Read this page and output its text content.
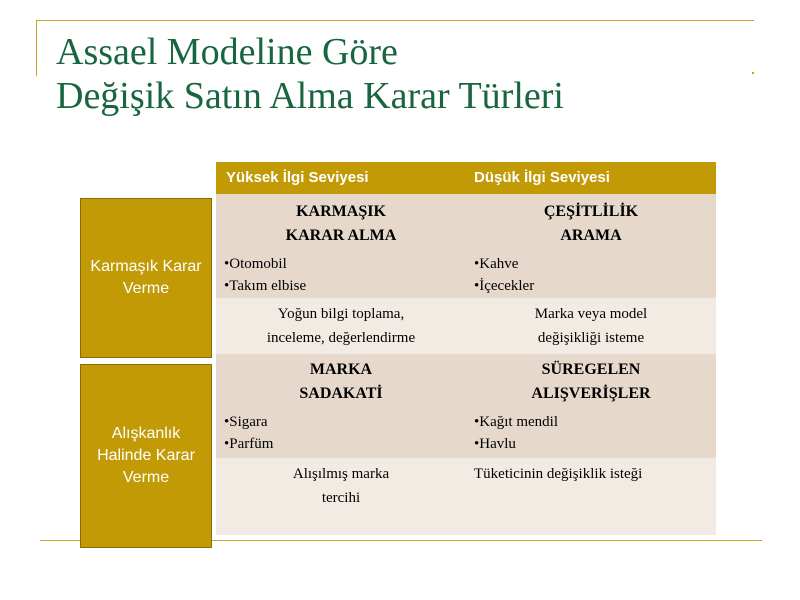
Assael Modeline Göre
Değişik Satın Alma Karar Türleri
Karmaşık Karar Verme
Alışkanlık Halinde Karar Verme
Yüksek İlgi Seviyesi	Düşük İlgi Seviyesi
KARMAŞIK
KARAR ALMA
•Otomobil
•Takım elbise
Yoğun bilgi toplama,
inceleme, değerlendirme
ÇEŞİTLİLİK
ARAMA
•Kahve
•İçecekler
Marka veya model
değişikliği isteme
MARKA
SADAKATİ
•Sigara
•Parfüm
Alışılmış marka
tercihi
SÜREGELEN
ALIŞVERİŞLER
•Kağıt mendil
•Havlu
Tüketicinin değişiklik isteği
